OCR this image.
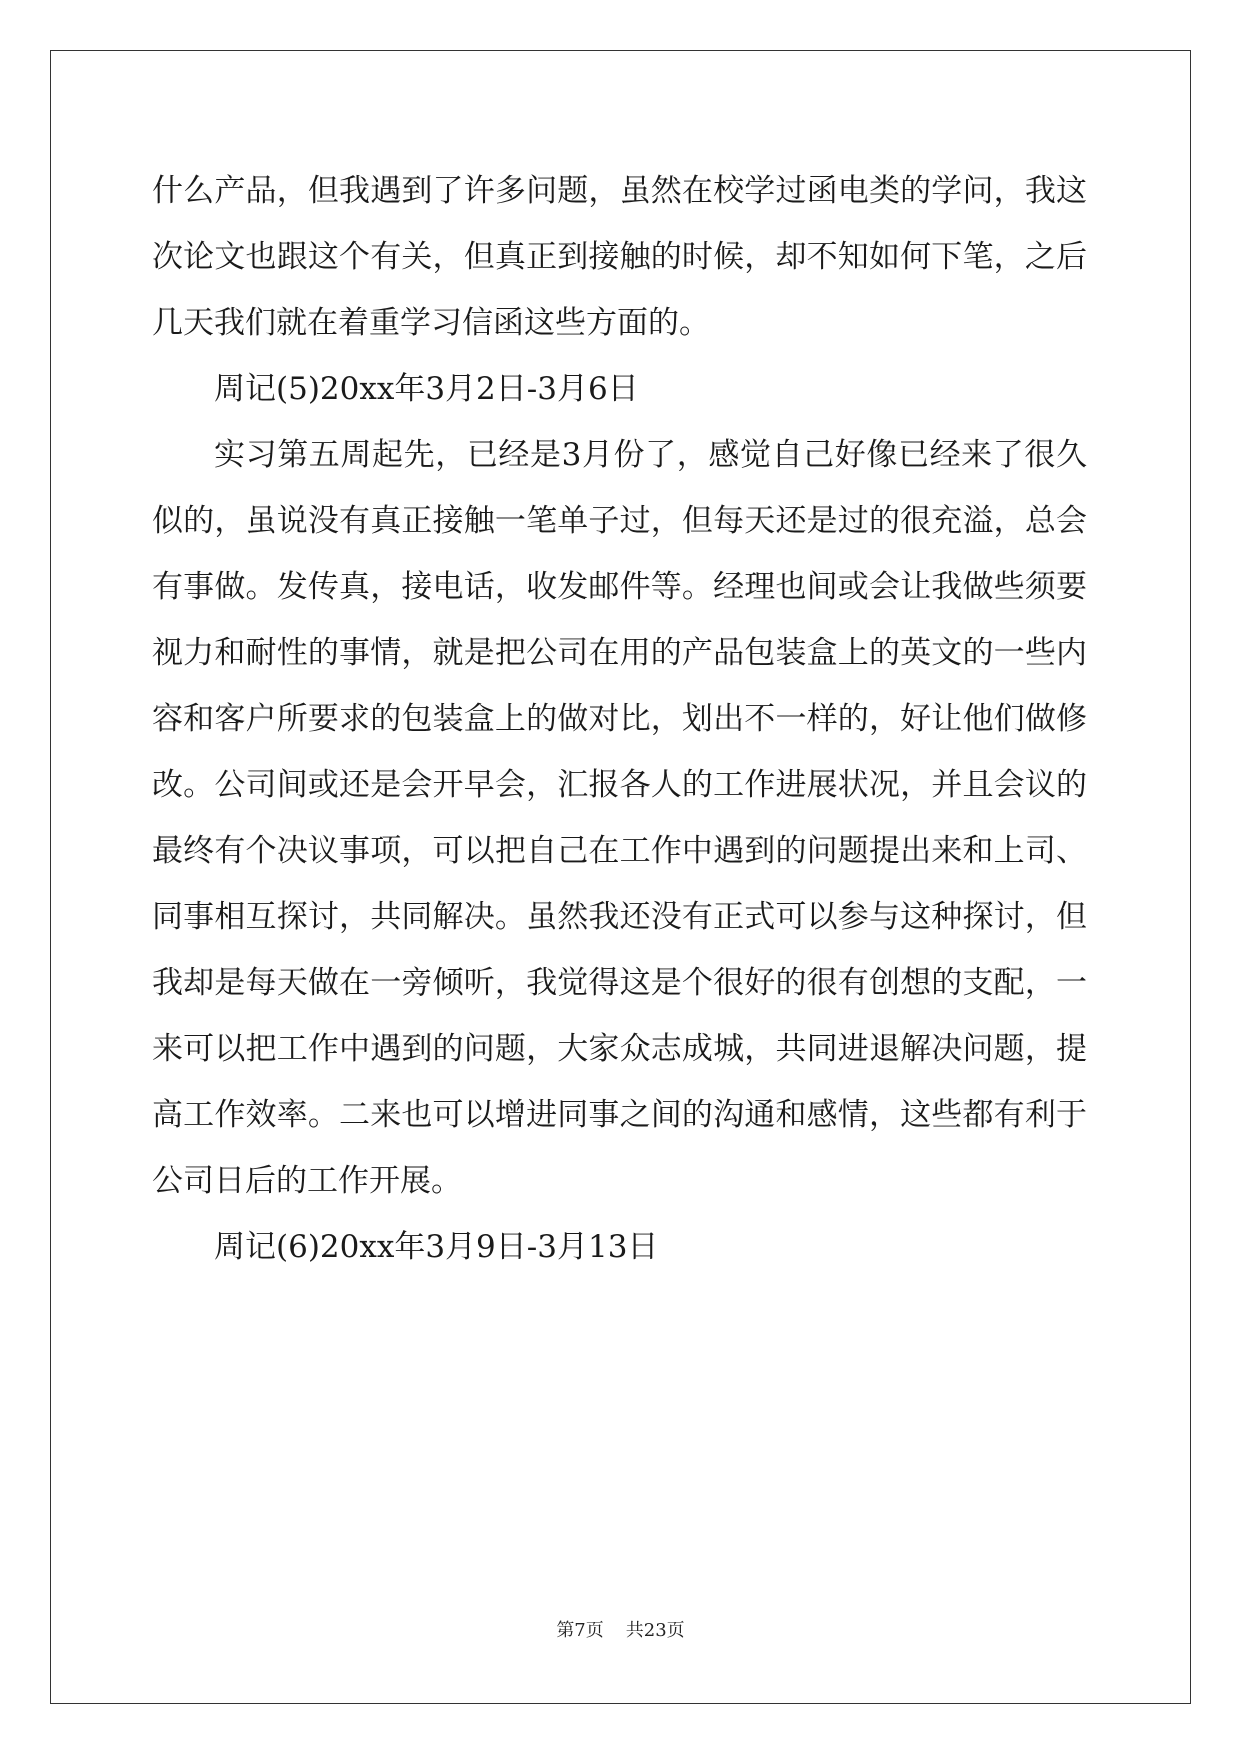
什么产品，但我遇到了许多问题，虽然在校学过函电类的学问，我这
次论文也跟这个有关，但真正到接触的时候，却不知如何下笔，之后
几天我们就在着重学习信函这些方面的。
周记(5)20xx年3月2日-3月6日
实习第五周起先，已经是3月份了，感觉自己好像已经来了很久
似的，虽说没有真正接触一笔单子过，但每天还是过的很充溢，总会
有事做。发传真，接电话，收发邮件等。经理也间或会让我做些须要
视力和耐性的事情，就是把公司在用的产品包装盒上的英文的一些内
容和客户所要求的包装盒上的做对比，划出不一样的，好让他们做修
改。公司间或还是会开早会，汇报各人的工作进展状况，并且会议的
最终有个决议事项，可以把自己在工作中遇到的问题提出来和上司、
同事相互探讨，共同解决。虽然我还没有正式可以参与这种探讨，但
我却是每天做在一旁倾听，我觉得这是个很好的很有创想的支配，一
来可以把工作中遇到的问题，大家众志成城，共同进退解决问题，提
高工作效率。二来也可以增进同事之间的沟通和感情，这些都有利于
公司日后的工作开展。
周记(6)20xx年3月9日-3月13日
第7页 共23页
